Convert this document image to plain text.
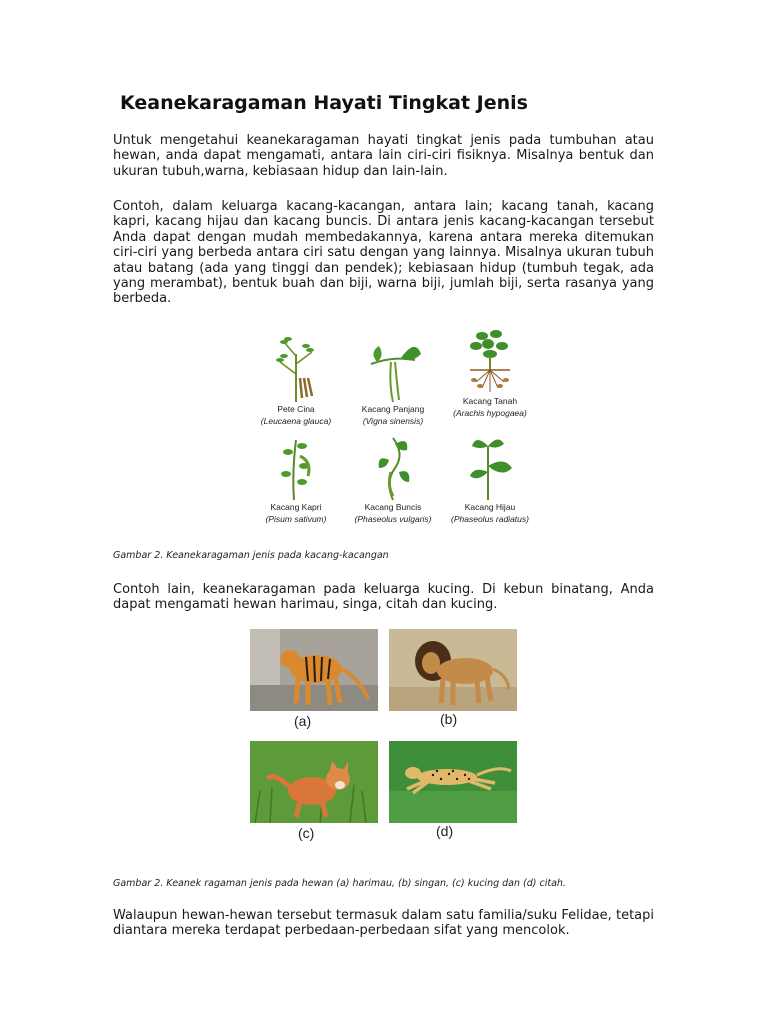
Keanekaragaman Hayati Tingkat Jenis

Untuk mengetahui keanekaragaman hayati tingkat jenis pada tumbuhan atau hewan, anda dapat mengamati, antara lain ciri-ciri fisiknya. Misalnya bentuk dan ukuran tubuh,warna, kebiasaan hidup dan lain-lain.

Contoh, dalam keluarga kacang-kacangan, antara lain; kacang tanah, kacang kapri, kacang hijau dan kacang buncis. Di antara jenis kacang-kacangan tersebut Anda dapat dengan mudah membedakannya, karena antara mereka ditemukan ciri-ciri yang berbeda antara ciri satu dengan yang lainnya. Misalnya ukuran tubuh atau batang (ada yang tinggi dan pendek); kebiasaan hidup (tumbuh tegak, ada yang merambat), bentuk buah dan biji, warna biji, jumlah biji, serta rasanya yang berbeda.

Pete Cina
(Leucaena glauca)
Kacang Panjang
(Vigna sinensis)
Kacang Tanah
(Arachis hypogaea)
Kacang Kapri
(Pisum sativum)
Kacang Buncis
(Phaseolus vulgaris)
Kacang Hijau
(Phaseolus radiatus)

Gambar 2. Keanekaragaman jenis pada kacang-kacangan

Contoh lain, keanekaragaman pada keluarga kucing. Di kebun binatang, Anda dapat mengamati hewan harimau, singa, citah dan kucing.

(a)	(b)
(c)	(d)

Gambar 2. Keanek ragaman jenis pada hewan (a) harimau, (b) singan, (c) kucing dan (d) citah.

Walaupun hewan-hewan tersebut termasuk dalam satu familia/suku Felidae, tetapi diantara mereka terdapat perbedaan-perbedaan sifat yang mencolok.
